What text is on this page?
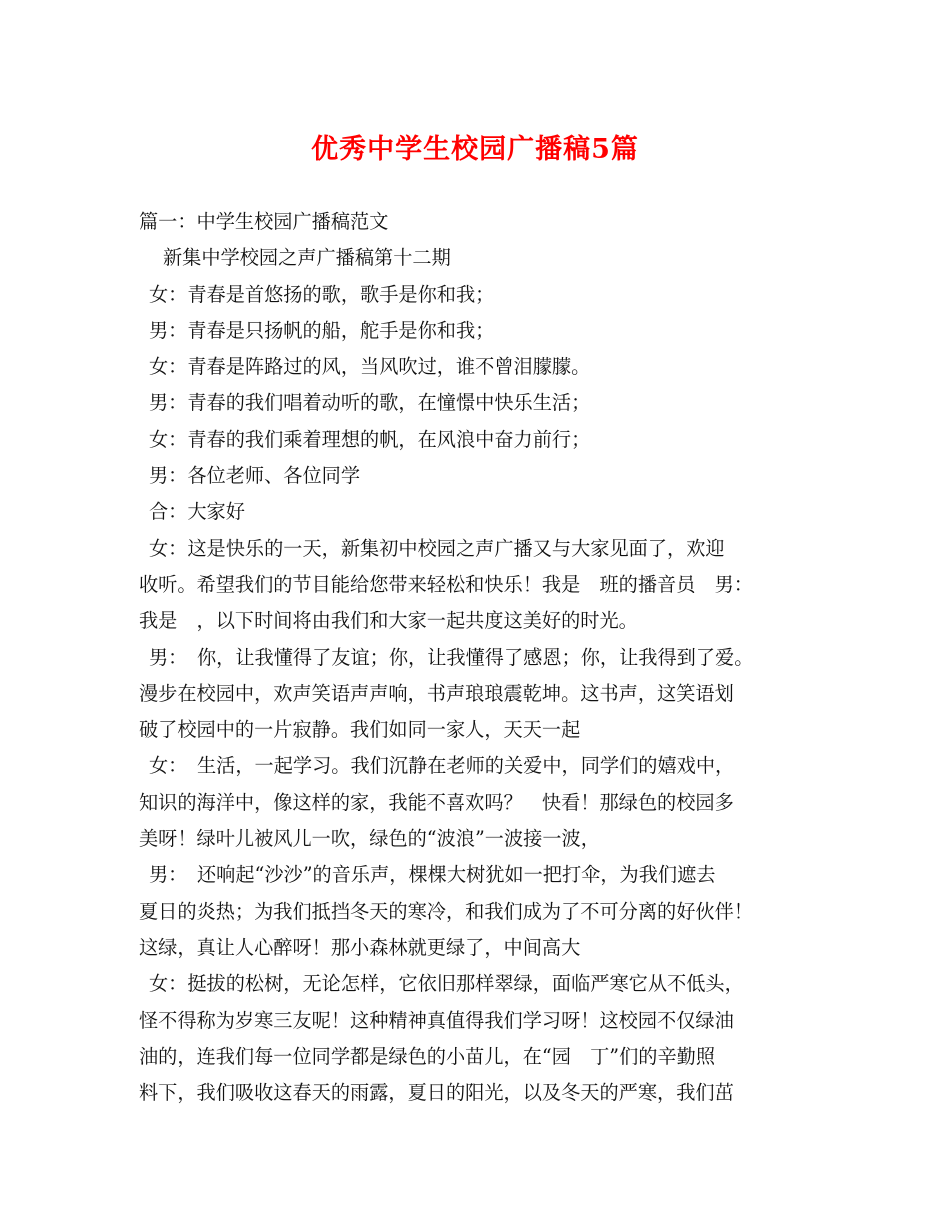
优秀中学生校园广播稿5篇
篇一：中学生校园广播稿范文
新集中学校园之声广播稿第十二期
女：青春是首悠扬的歌，歌手是你和我；
男：青春是只扬帆的船，舵手是你和我；
女：青春是阵路过的风，当风吹过，谁不曾泪朦朦。
男：青春的我们唱着动听的歌，在憧憬中快乐生活；
女：青春的我们乘着理想的帆，在风浪中奋力前行；
男：各位老师、各位同学
合：大家好
女：这是快乐的一天，新集初中校园之声广播又与大家见面了，欢迎
收听。希望我们的节目能给您带来轻松和快乐！我是　班的播音员　男：
我是　，以下时间将由我们和大家一起共度这美好的时光。
男：　你，让我懂得了友谊；你，让我懂得了感恩；你，让我得到了爱。
漫步在校园中，欢声笑语声声响，书声琅琅震乾坤。这书声，这笑语划
破了校园中的一片寂静。我们如同一家人，天天一起
女：　生活，一起学习。我们沉静在老师的关爱中，同学们的嬉戏中，
知识的海洋中，像这样的家，我能不喜欢吗？　快看！那绿色的校园多
美呀！绿叶儿被风儿一吹，绿色的“波浪”一波接一波，
男：　还响起“沙沙”的音乐声，棵棵大树犹如一把打伞，为我们遮去
夏日的炎热；为我们抵挡冬天的寒冷，和我们成为了不可分离的好伙伴！
这绿，真让人心醉呀！那小森林就更绿了，中间高大
女：挺拔的松树，无论怎样，它依旧那样翠绿，面临严寒它从不低头，
怪不得称为岁寒三友呢！这种精神真值得我们学习呀！这校园不仅绿油
油的，连我们每一位同学都是绿色的小苗儿，在“园　丁”们的辛勤照
料下，我们吸收这春天的雨露，夏日的阳光，以及冬天的严寒，我们茁
